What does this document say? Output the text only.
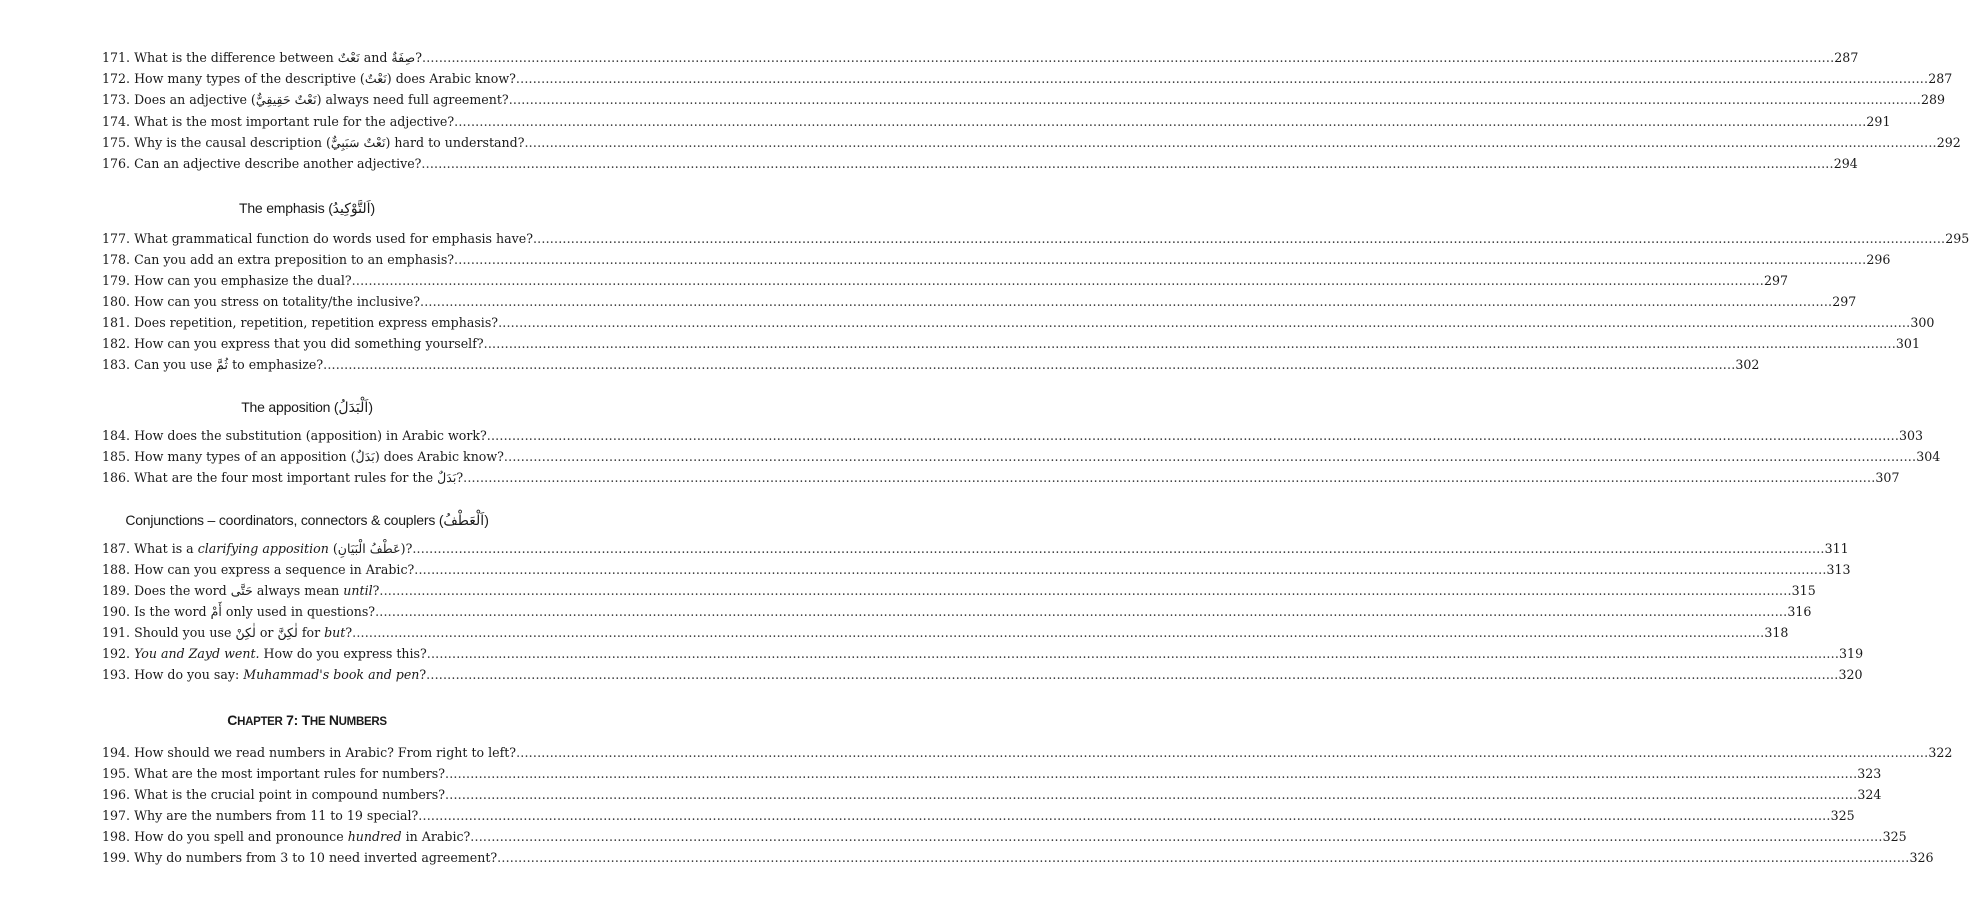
171. What is the difference between نَعْتٌ and صِفَةٌ? .....	287
172. How many types of the descriptive (نَعْتٌ) does Arabic know? .....	287
173. Does an adjective (نَعْتٌ حَقِيقِيٌّ) always need full agreement? .....	289
174. What is the most important rule for the adjective? .....	291
175. Why is the causal description (نَعْتٌ سَبَبِيٌّ) hard to understand? .....	292
176. Can an adjective describe another adjective? .....	294
The emphasis (اَلتَّوْكِيدُ)
177. What grammatical function do words used for emphasis have? .....	295
178. Can you add an extra preposition to an emphasis? .....	296
179. How can you emphasize the dual? .....	297
180. How can you stress on totality/the inclusive? .....	297
181. Does repetition, repetition, repetition express emphasis? .....	300
182. How can you express that you did something yourself? .....	301
183. Can you use ثُمَّ to emphasize? .....	302
The apposition (اَلْبَدَلُ)
184. How does the substitution (apposition) in Arabic work? .....	303
185. How many types of an apposition (بَدَلٌ) does Arabic know? .....	304
186. What are the four most important rules for the بَدَلٌ? .....	307
Conjunctions – coordinators, connectors & couplers (اَلْعَطْفُ)
187. What is a clarifying apposition (عَطْفُ الْبَيَانِ)? .....	311
188. How can you express a sequence in Arabic? .....	313
189. Does the word حَتَّى always mean until? .....	315
190. Is the word أَمْ only used in questions? .....	316
191. Should you use لٰكِنْ or لٰكِنَّ for but? .....	318
192. You and Zayd went. How do you express this? .....	319
193. How do you say: Muhammad's book and pen? .....	320
CHAPTER 7: THE NUMBERS
194. How should we read numbers in Arabic? From right to left? .....	322
195. What are the most important rules for numbers? .....	323
196. What is the crucial point in compound numbers? .....	324
197. Why are the numbers from 11 to 19 special? .....	325
198. How do you spell and pronounce hundred in Arabic? .....	325
199. Why do numbers from 3 to 10 need inverted agreement? .....	326
